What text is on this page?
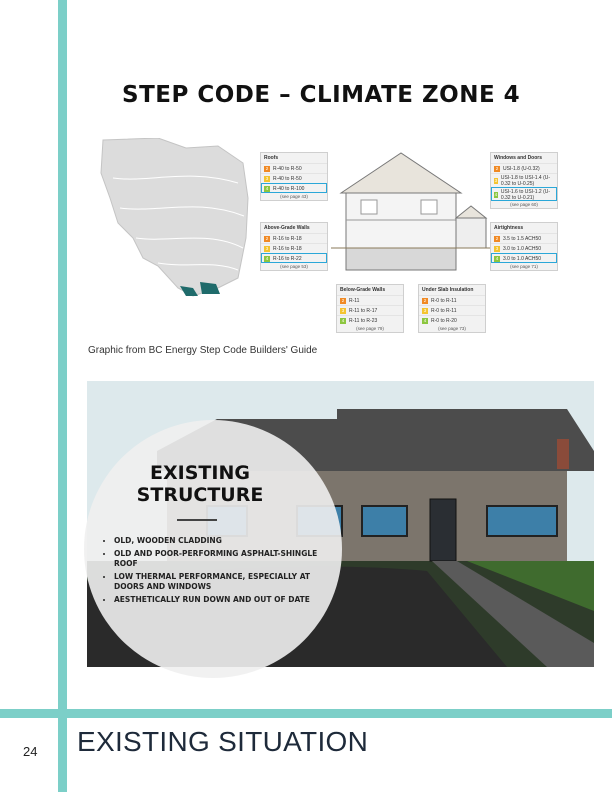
STEP CODE – CLIMATE ZONE 4
Roofs
2 R-40 to R-50
3 R-40 to R-50
4 R-40 to R-100
(see page 43)
Above-Grade Walls
2 R-16 to R-18
3 R-16 to R-18
4 R-16 to R-22
(see page 53)
Windows and Doors
2 USI-1.8 (U-0.32)
3 USI-1.8 to USI-1.4 (U-0.32 to U-0.25)
4 USI-1.6 to USI-1.2 (U-0.32 to U-0.21)
(see page 60)
Airtightness
2 3.5 to 1.5 ACH50
3 3.0 to 1.0 ACH50
4 3.0 to 1.0 ACH50
(see page 71)
Below-Grade Walls
2 R-11
3 R-11 to R-17
4 R-11 to R-23
(see page 79)
Under Slab Insulation
2 R-0 to R-11
3 R-0 to R-11
4 R-0 to R-20
(see page 73)
Graphic from BC Energy Step Code Builders' Guide
EXISTING
STRUCTURE
• OLD, WOODEN CLADDING
• OLD AND POOR-PERFORMING ASPHALT-SHINGLE ROOF
• LOW THERMAL PERFORMANCE, ESPECIALLY AT DOORS AND WINDOWS
• AESTHETICALLY RUN DOWN AND OUT OF DATE
24 EXISTING SITUATION
